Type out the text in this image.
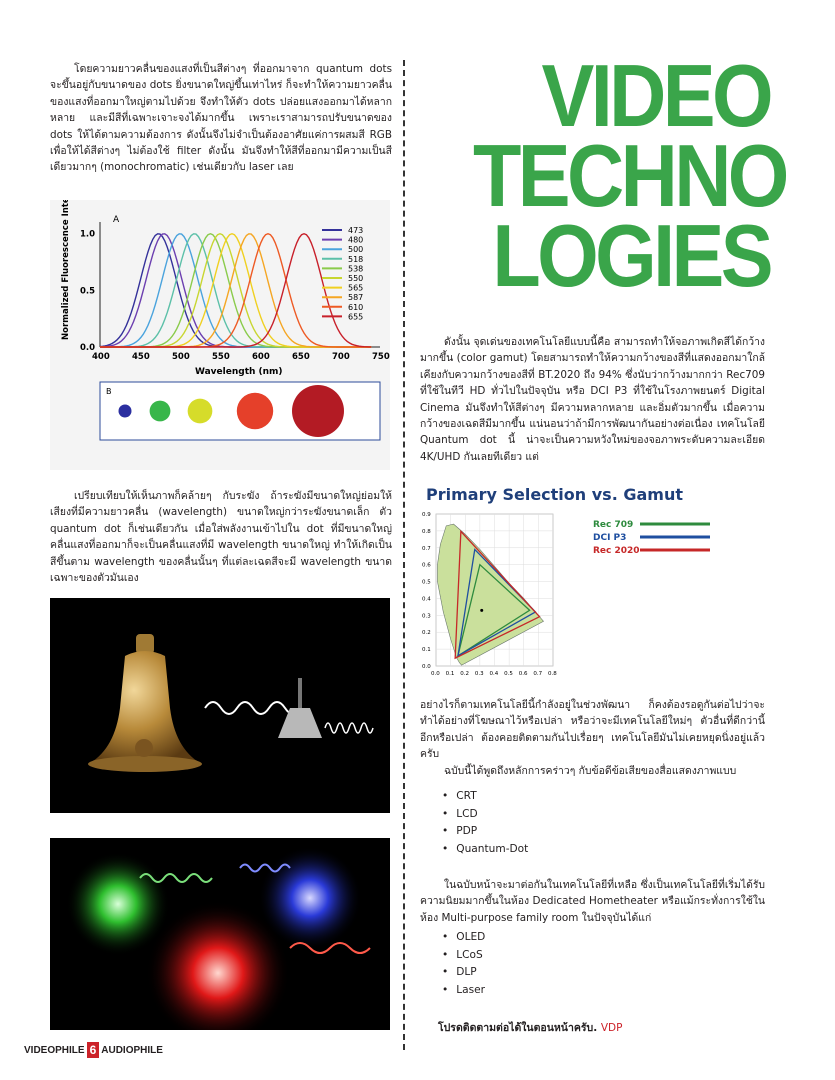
VIDEO
TECHNO
LOGIES

โดยความยาวคลื่นของแสงที่เป็นสีต่างๆ ที่ออกมาจาก quantum dots จะขึ้นอยู่กับขนาดของ dots ยิ่งขนาดใหญ่ขึ้นเท่าไหร่ ก็จะทำให้ความยาวคลื่นของแสงที่ออกมาใหญ่ตามไปด้วย จึงทำให้ตัว dots ปล่อยแสงออกมาได้หลากหลาย และมีสีที่เฉพาะเจาะจงได้มากขึ้น เพราะเราสามารถปรับขนาดของ dots ให้ได้ตามความต้องการ ดังนั้นจึงไม่จำเป็นต้องอาศัยแค่การผสมสี RGB เพื่อให้ได้สีต่างๆ ไม่ต้องใช้ filter ดังนั้น มันจึงทำให้สีที่ออกมามีความเป็นสีเดียวมากๆ (monochromatic) เช่นเดียวกับ laser เลย

A
Normalized Fluorescence Intensity
Wavelength (nm)
400	450	500	550	600	650	700	750
0.0
0.5
1.0	473
480
500
518
538
550
565
587
610
655
B

เปรียบเทียบให้เห็นภาพก็คล้ายๆ กับระฆัง ถ้าระฆังมีขนาดใหญ่ย่อมให้เสียงที่มีความยาวคลื่น (wavelength) ขนาดใหญ่กว่าระฆังขนาดเล็ก ตัว quantum dot ก็เช่นเดียวกัน เมื่อใส่พลังงานเข้าไปใน dot ที่มีขนาดใหญ่ คลื่นแสงที่ออกมาก็จะเป็นคลื่นแสงที่มี wavelength ขนาดใหญ่ ทำให้เกิดเป็นสีขึ้นตาม wavelength ของคลื่นนั้นๆ ที่แต่ละเฉดสีจะมี wavelength ขนาดเฉพาะของตัวมันเอง

ดังนั้น จุดเด่นของเทคโนโลยีแบบนี้คือ สามารถทำให้จอภาพเกิดสีได้กว้างมากขึ้น (color gamut) โดยสามารถทำให้ความกว้างของสีที่แสดงออกมาใกล้เคียงกับความกว้างของสีที่ BT.2020 ถึง 94% ซึ่งนับว่ากว้างมากกว่า Rec709 ที่ใช้ในทีวี HD ทั่วไปในปัจจุบัน หรือ DCI P3 ที่ใช้ในโรงภาพยนตร์ Digital Cinema มันจึงทำให้สีต่างๆ มีความหลากหลาย และอิ่มตัวมากขึ้น เมื่อความกว้างของเฉดสีมีมากขึ้น แน่นอนว่าถ้ามีการพัฒนากันอย่างต่อเนื่อง เทคโนโลยี Quantum dot นี้ น่าจะเป็นความหวังใหม่ของจอภาพระดับความละเอียด 4K/UHD กันเลยทีเดียว แต่

Primary Selection vs. Gamut
0.0 0.1 0.2 0.3 0.4 0.5 0.6 0.7 0.8
0.0
0.1
0.2
0.3
0.4
0.5
0.6
0.7
0.8
0.9
Rec 709
DCI P3
Rec 2020

อย่างไรก็ตามเทคโนโลยีนี้กำลังอยู่ในช่วงพัฒนา ก็คงต้องรอดูกันต่อไปว่าจะทำได้อย่างที่โฆษณาไว้หรือเปล่า หรือว่าจะมีเทคโนโลยีใหม่ๆ ตัวอื่นที่ดีกว่านี้อีกหรือเปล่า ต้องคอยติดตามกันไปเรื่อยๆ เทคโนโลยีมันไม่เคยหยุดนิ่งอยู่แล้วครับ

ฉบับนี้ได้พูดถึงหลักการคร่าวๆ กับข้อดีข้อเสียของสื่อแสดงภาพแบบ

• CRT
• LCD
• PDP
• Quantum-Dot

ในฉบับหน้าจะมาต่อกันในเทคโนโลยีที่เหลือ ซึ่งเป็นเทคโนโลยีที่เริ่มได้รับความนิยมมากขึ้นในห้อง Dedicated Hometheater หรือแม้กระทั่งการใช้ในห้อง Multi-purpose family room ในปัจจุบันได้แก่

• OLED
• LCoS
• DLP
• Laser
โปรดติดตามต่อได้ในตอนหน้าครับ. VDP
VIDEOPHILE 6 AUDIOPHILE
